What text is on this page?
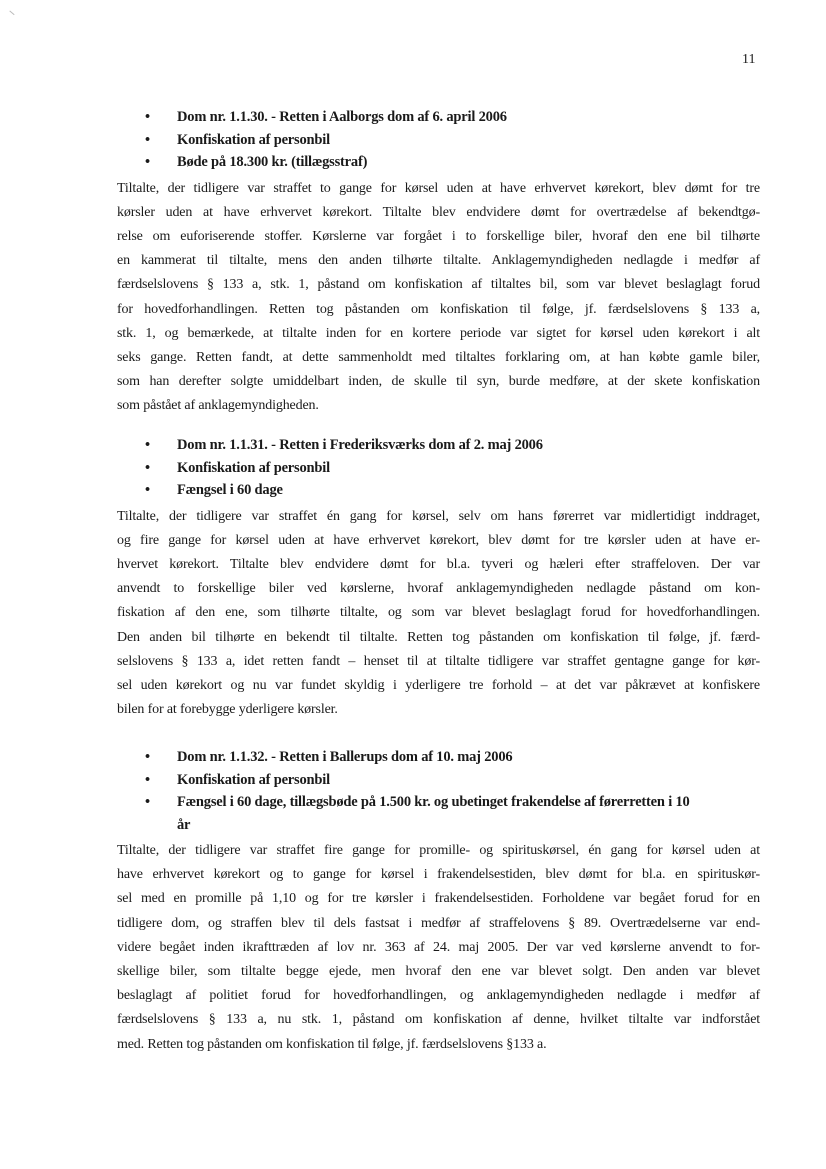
11
• Dom nr. 1.1.30. - Retten i Aalborgs dom af 6. april 2006
• Konfiskation af personbil
• Bøde på 18.300 kr. (tillægsstraf)
Tiltalte, der tidligere var straffet to gange for kørsel uden at have erhvervet kørekort, blev dømt for tre
kørsler uden at have erhvervet kørekort. Tiltalte blev endvidere dømt for overtrædelse af bekendtgø-
relse om euforiserende stoffer. Kørslerne var forgået i to forskellige biler, hvoraf den ene bil tilhørte
en kammerat til tiltalte, mens den anden tilhørte tiltalte. Anklagemyndigheden nedlagde i medfør af
færdselslovens § 133 a, stk. 1, påstand om konfiskation af tiltaltes bil, som var blevet beslaglagt forud
for hovedforhandlingen. Retten tog påstanden om konfiskation til følge, jf. færdselslovens § 133 a,
stk. 1, og bemærkede, at tiltalte inden for en kortere periode var sigtet for kørsel uden kørekort i alt
seks gange. Retten fandt, at dette sammenholdt med tiltaltes forklaring om, at han købte gamle biler,
som han derefter solgte umiddelbart inden, de skulle til syn, burde medføre, at der skete konfiskation
som påstået af anklagemyndigheden.
• Dom nr. 1.1.31. - Retten i Frederiksværks dom af 2. maj 2006
• Konfiskation af personbil
• Fængsel i 60 dage
Tiltalte, der tidligere var straffet én gang for kørsel, selv om hans førerret var midlertidigt inddraget,
og fire gange for kørsel uden at have erhvervet kørekort, blev dømt for tre kørsler uden at have er-
hvervet kørekort. Tiltalte blev endvidere dømt for bl.a. tyveri og hæleri efter straffeloven. Der var
anvendt to forskellige biler ved kørslerne, hvoraf anklagemyndigheden nedlagde påstand om kon-
fiskation af den ene, som tilhørte tiltalte, og som var blevet beslaglagt forud for hovedforhandlingen.
Den anden bil tilhørte en bekendt til tiltalte. Retten tog påstanden om konfiskation til følge, jf. færd-
selslovens § 133 a, idet retten fandt – henset til at tiltalte tidligere var straffet gentagne gange for kør-
sel uden kørekort og nu var fundet skyldig i yderligere tre forhold – at det var påkrævet at konfiskere
bilen for at forebygge yderligere kørsler.
• Dom nr. 1.1.32. - Retten i Ballerups dom af 10. maj 2006
• Konfiskation af personbil
• Fængsel i 60 dage, tillægsbøde på 1.500 kr. og ubetinget frakendelse af førerretten i 10
år
Tiltalte, der tidligere var straffet fire gange for promille- og spirituskørsel, én gang for kørsel uden at
have erhvervet kørekort og to gange for kørsel i frakendelsestiden, blev dømt for bl.a. en spirituskør-
sel med en promille på 1,10 og for tre kørsler i frakendelsestiden. Forholdene var begået forud for en
tidligere dom, og straffen blev til dels fastsat i medfør af straffelovens § 89. Overtrædelserne var end-
videre begået inden ikrafttræden af lov nr. 363 af 24. maj 2005. Der var ved kørslerne anvendt to for-
skellige biler, som tiltalte begge ejede, men hvoraf den ene var blevet solgt. Den anden var blevet
beslaglagt af politiet forud for hovedforhandlingen, og anklagemyndigheden nedlagde i medfør af
færdselslovens § 133 a, nu stk. 1, påstand om konfiskation af denne, hvilket tiltalte var indforstået
med. Retten tog påstanden om konfiskation til følge, jf. færdselslovens §133 a.
